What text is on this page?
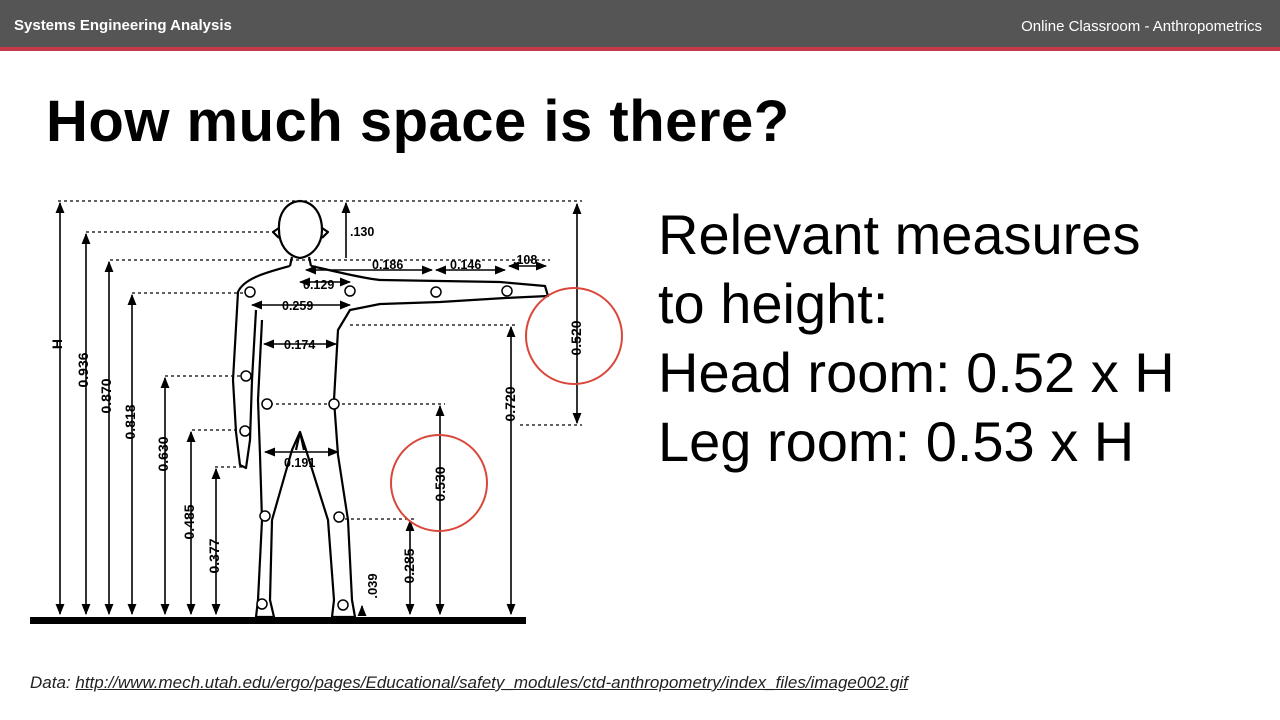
Systems Engineering Analysis	Online Classroom - Anthropometrics
How much space is there?
H
0.936
0.870
0.818
0.630
0.485
0.377
0.720
0.285
0.520
0.530
.039
.130
0.186	0.146	.108
0.129
0.259
0.174
0.191
Relevant measures
to height:
Head room: 0.52 x H
Leg room: 0.53 x H
Data: http://www.mech.utah.edu/ergo/pages/Educational/safety_modules/ctd-anthropometry/index_files/image002.gif
